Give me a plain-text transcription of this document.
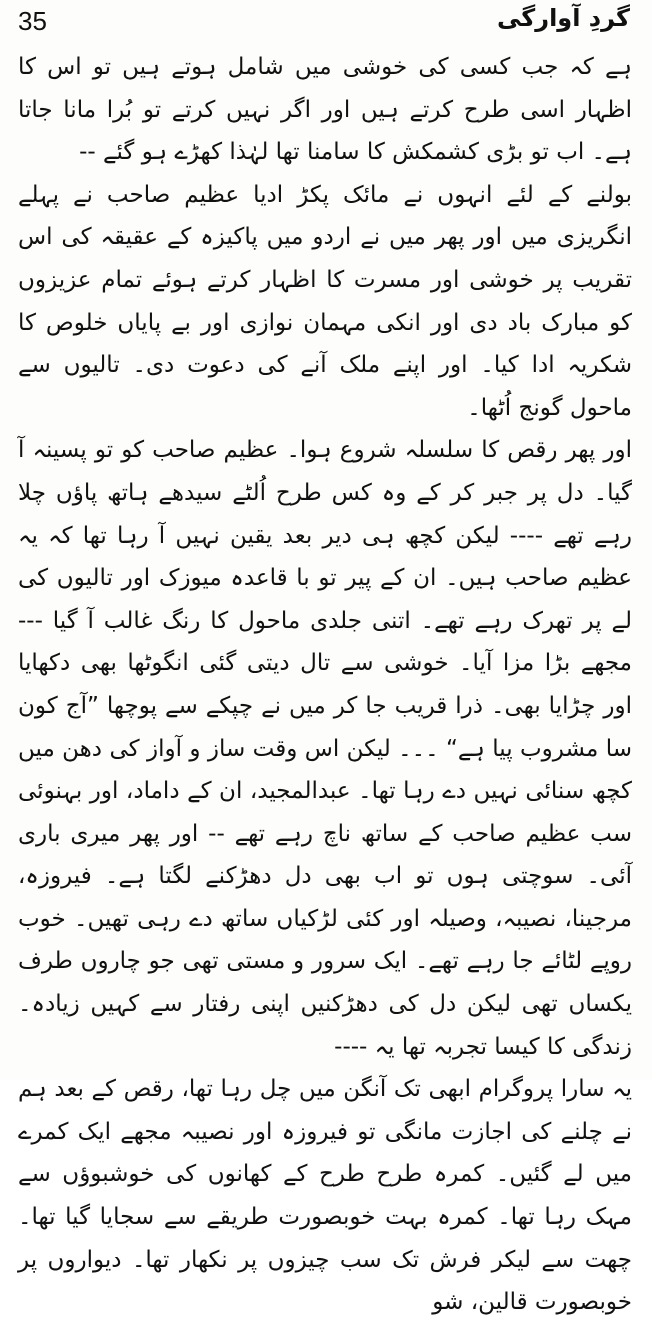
35	گردِ آوارگی

ہے کہ جب کسی کی خوشی میں شامل ہوتے ہیں تو اس کا اظہار اسی طرح کرتے ہیں اور اگر نہیں کرتے تو بُرا مانا جاتا ہے۔ اب تو بڑی کشمکش کا سامنا تھا لہٰذا کھڑے ہو گئے --

بولنے کے لئے انہوں نے مائک پکڑ ادیا عظیم صاحب نے پہلے انگریزی میں اور پھر میں نے اردو میں پاکیزہ کے عقیقہ کی اس تقریب پر خوشی اور مسرت کا اظہار کرتے ہوئے تمام عزیزوں کو مبارک باد دی اور انکی مہمان نوازی اور بے پایاں خلوص کا شکریہ ادا کیا۔ اور اپنے ملک آنے کی دعوت دی۔ تالیوں سے ماحول گونج اُٹھا۔

اور پھر رقص کا سلسلہ شروع ہوا۔ عظیم صاحب کو تو پسینہ آ گیا۔ دل پر جبر کر کے وہ کس طرح اُلٹے سیدھے ہاتھ پاؤں چلا رہے تھے ---- لیکن کچھ ہی دیر بعد یقین نہیں آ رہا تھا کہ یہ عظیم صاحب ہیں۔ ان کے پیر تو با قاعدہ میوزک اور تالیوں کی لے پر تھرک رہے تھے۔ اتنی جلدی ماحول کا رنگ غالب آ گیا --- مجھے بڑا مزا آیا۔ خوشی سے تال دیتی گئی انگوٹھا بھی دکھایا اور چڑایا بھی۔ ذرا قریب جا کر میں نے چپکے سے پوچھا ”آج کون سا مشروب پیا ہے“ ۔۔۔ لیکن اس وقت ساز و آواز کی دھن میں کچھ سنائی نہیں دے رہا تھا۔ عبدالمجید، ان کے داماد، اور بہنوئی سب عظیم صاحب کے ساتھ ناچ رہے تھے -- اور پھر میری باری آئی۔ سوچتی ہوں تو اب بھی دل دھڑکنے لگتا ہے۔ فیروزہ، مرجینا، نصیبہ، وصیلہ اور کئی لڑکیاں ساتھ دے رہی تھیں۔ خوب روپے لٹائے جا رہے تھے۔ ایک سرور و مستی تھی جو چاروں طرف یکساں تھی لیکن دل کی دھڑکنیں اپنی رفتار سے کہیں زیادہ۔ زندگی کا کیسا تجربہ تھا یہ ----

یہ سارا پروگرام ابھی تک آنگن میں چل رہا تھا، رقص کے بعد ہم نے چلنے کی اجازت مانگی تو فیروزہ اور نصیبہ مجھے ایک کمرے میں لے گئیں۔ کمرہ طرح طرح کے کھانوں کی خوشبوؤں سے مہک رہا تھا۔ کمرہ بہت خوبصورت طریقے سے سجایا گیا تھا۔ چھت سے لیکر فرش تک سب چیزوں پر نکھار تھا۔ دیواروں پر خوبصورت قالین، شو
